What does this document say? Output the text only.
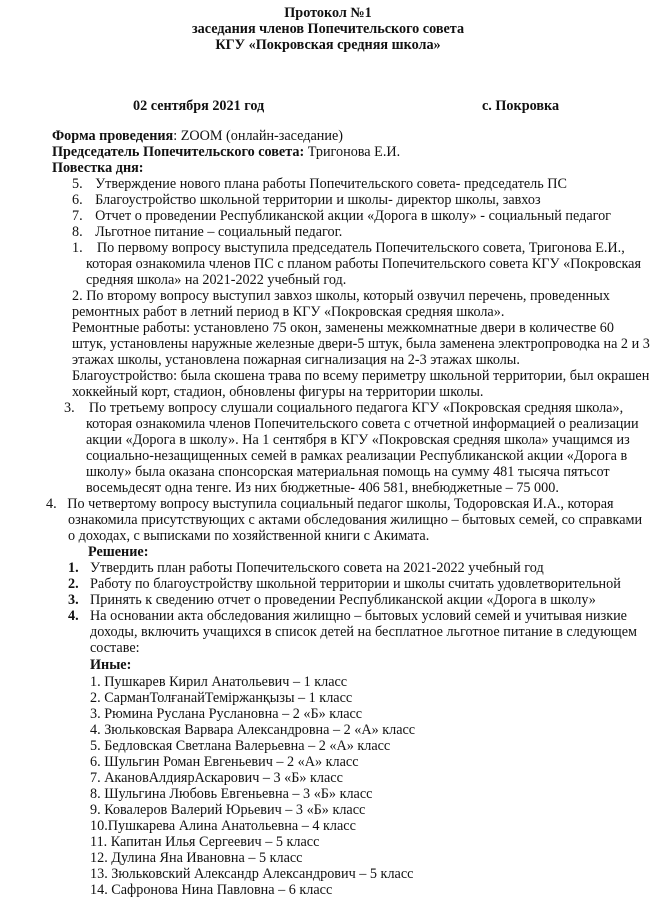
Протокол №1
заседания членов Попечительского совета
КГУ «Покровская средняя школа»
02 сентября 2021 год	с. Покровка
Форма проведения: ZOOM (онлайн-заседание)
Председатель Попечительского совета: Тригонова Е.И.
Повестка дня:
5. Утверждение нового плана работы Попечительского совета- председатель ПС
6. Благоустройство школьной территории и школы- директор школы, завхоз
7. Отчет о проведении Республиканской акции «Дорога в школу» - социальный педагог
8. Льготное питание – социальный педагог.
1. По первому вопросу выступила председатель Попечительского совета, Тригонова Е.И.,
которая ознакомила членов ПС с планом работы Попечительского совета КГУ «Покровская
средняя школа» на 2021-2022 учебный год.
2. По второму вопросу выступил завхоз школы, который озвучил перечень, проведенных
ремонтных работ в летний период в КГУ «Покровская средняя школа».
Ремонтные работы: установлено 75 окон, заменены межкомнатные двери в количестве 60
штук, установлены наружные железные двери-5 штук, была заменена электропроводка на 2 и 3
этажах школы, установлена пожарная сигнализация на 2-3 этажах школы.
Благоустройство: была скошена трава по всему периметру школьной территории, был окрашен
хоккейный корт, стадион, обновлены фигуры на территории школы.
3. По третьему вопросу слушали социального педагога КГУ «Покровская средняя школа»,
которая ознакомила членов Попечительского совета с отчетной информацией о реализации
акции «Дорога в школу». На 1 сентября в КГУ «Покровская средняя школа» учащимся из
социально-незащищенных семей в рамках реализации Республиканской акции «Дорога в
школу» была оказана спонсорская материальная помощь на сумму 481 тысяча пятьсот
восемьдесят одна тенге. Из них бюджетные- 406 581, внебюджетные – 75 000.
4. По четвертому вопросу выступила социальный педагог школы, Тодоровская И.А., которая
ознакомила присутствующих с актами обследования жилищно – бытовых семей, со справками
о доходах, с выписками по хозяйственной книги с Акимата.
Решение:
1. Утвердить план работы Попечительского совета на 2021-2022 учебный год
2. Работу по благоустройству школьной территории и школы считать удовлетворительной
3. Принять к сведению отчет о проведении Республиканской акции «Дорога в школу»
4. На основании акта обследования жилищно – бытовых условий семей и учитывая низкие
доходы, включить учащихся в список детей на бесплатное льготное питание в следующем
составе:
Иные:
1. Пушкарев Кирил Анатольевич – 1 класс
2. СарманТолғанайТемiржанқызы – 1 класс
3. Рюмина Руслана Руслановна – 2 «Б» класс
4. Зюльковская Варвара Александровна – 2 «А» класс
5. Бедловская Светлана Валерьевна – 2 «А» класс
6. Шульгин Роман Евгеньевич – 2 «А» класс
7. АкановАлдиярАскарович – 3 «Б» класс
8. Шульгина Любовь Евгеньевна – 3 «Б» класс
9. Ковалеров Валерий Юрьевич – 3 «Б» класс
10.Пушкарева Алина Анатольевна – 4 класс
11. Капитан Илья Сергеевич – 5 класс
12. Дулина Яна Ивановна – 5 класс
13. Зюльковский Александр Александрович – 5 класс
14. Сафронова Нина Павловна – 6 класс
